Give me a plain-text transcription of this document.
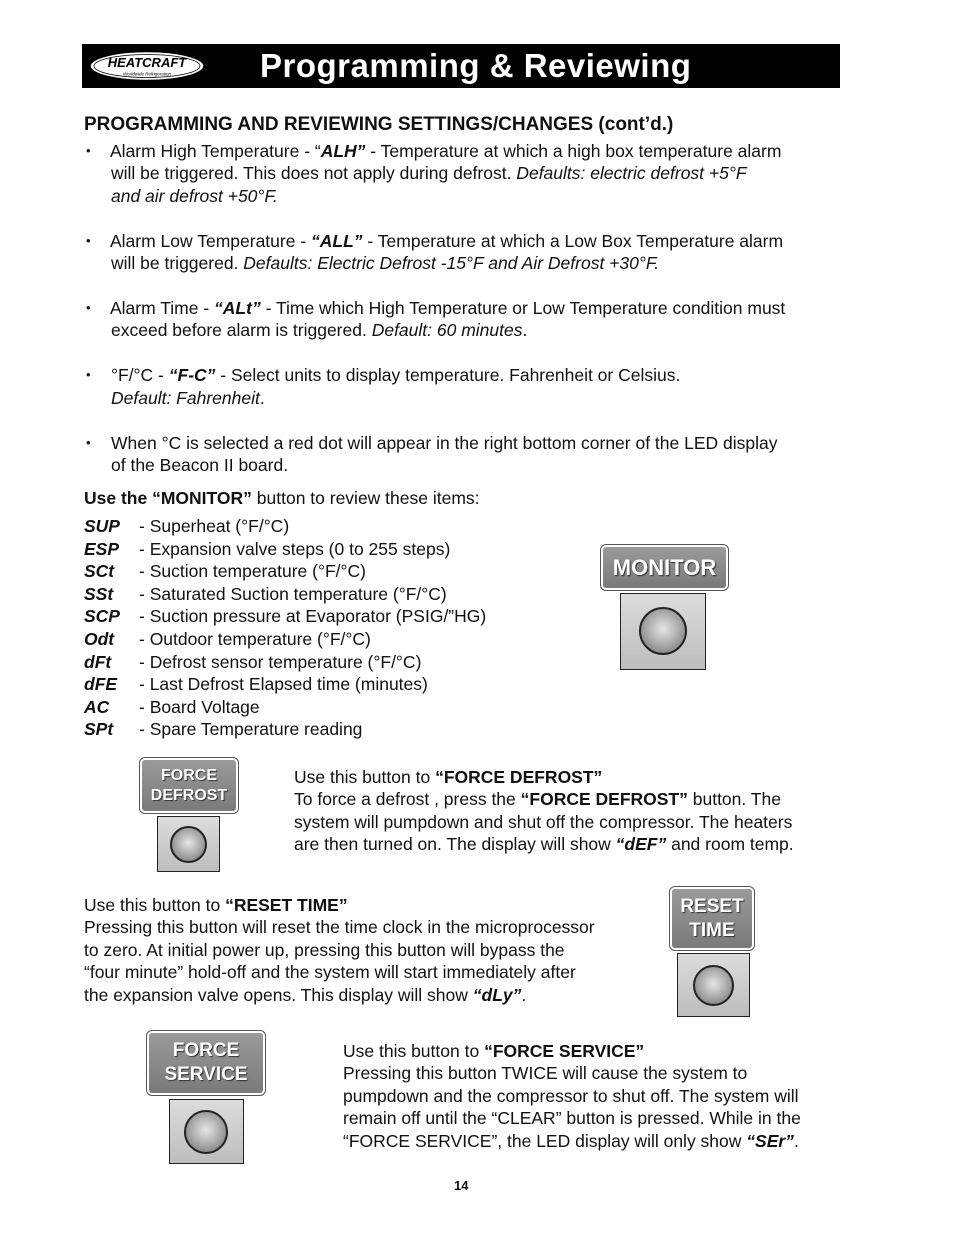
HEATCRAFT
Worldwide Refrigeration	Programming & Reviewing
PROGRAMMING AND REVIEWING SETTINGS/CHANGES (cont’d.)
• Alarm High Temperature - “ALH” - Temperature at which a high box temperature alarm
will be triggered. This does not apply during defrost. Defaults: electric defrost +5°F
and air defrost +50°F.
• Alarm Low Temperature - “ALL” - Temperature at which a Low Box Temperature alarm
will be triggered. Defaults: Electric Defrost -15°F and Air Defrost +30°F.
• Alarm Time - “ALt” - Time which High Temperature or Low Temperature condition must
exceed before alarm is triggered. Default: 60 minutes.
• °F/°C - “F-C” - Select units to display temperature. Fahrenheit or Celsius.
Default: Fahrenheit.
• When °C is selected a red dot will appear in the right bottom corner of the LED display
of the Beacon II board.
Use the “MONITOR” button to review these items:
SUP - Superheat (°F/°C)
ESP - Expansion valve steps (0 to 255 steps)
SCt - Suction temperature (°F/°C)
SSt - Saturated Suction temperature (°F/°C)
SCP - Suction pressure at Evaporator (PSIG/”HG)
Odt - Outdoor temperature (°F/°C)
dFt - Defrost sensor temperature (°F/°C)
dFE - Last Defrost Elapsed time (minutes)
AC - Board Voltage
SPt - Spare Temperature reading
MONITOR
FORCE
DEFROST
Use this button to “FORCE DEFROST”
To force a defrost , press the “FORCE DEFROST” button. The
system will pumpdown and shut off the compressor. The heaters
are then turned on. The display will show “dEF” and room temp.
Use this button to “RESET TIME”
Pressing this button will reset the time clock in the microprocessor
to zero. At initial power up, pressing this button will bypass the
“four minute” hold-off and the system will start immediately after
the expansion valve opens. This display will show “dLy”.
RESET
TIME
FORCE
SERVICE
Use this button to “FORCE SERVICE”
Pressing this button TWICE will cause the system to
pumpdown and the compressor to shut off. The system will
remain off until the “CLEAR” button is pressed. While in the
“FORCE SERVICE”, the LED display will only show “SEr”.
14
